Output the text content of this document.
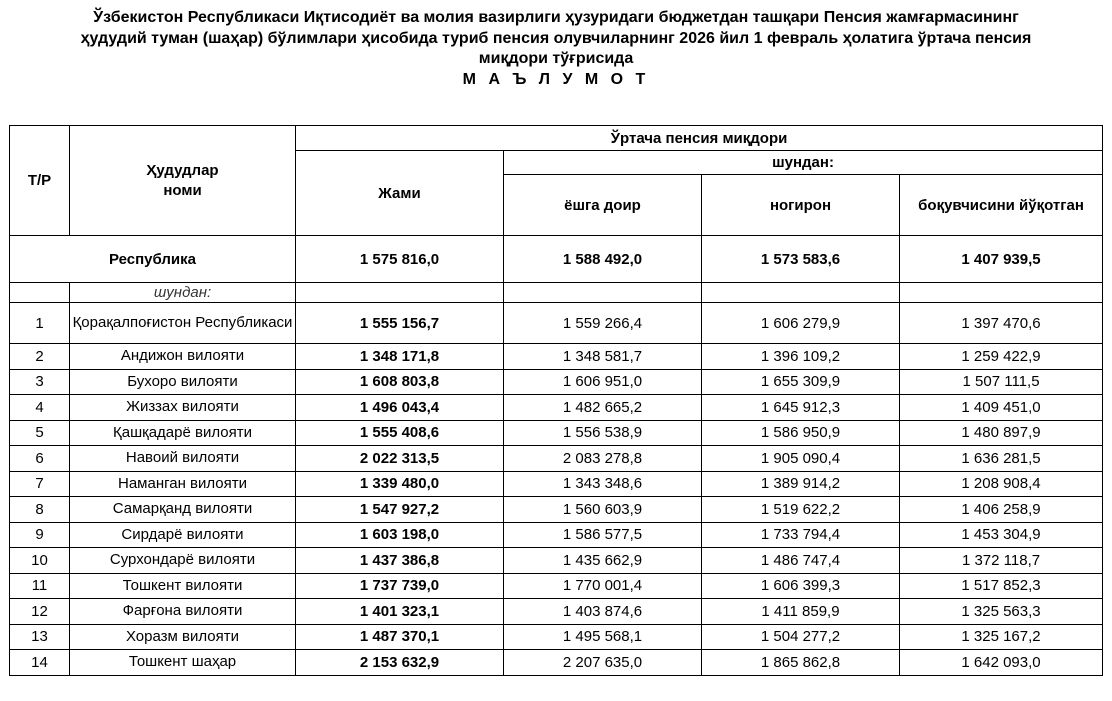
Ўзбекистон Республикаси Иқтисодиёт ва молия вазирлиги ҳузуридаги бюджетдан ташқари Пенсия жамғармасининг
ҳудудий туман (шаҳар) бўлимлари ҳисобида туриб пенсия олувчиларнинг 2026 йил 1 февраль ҳолатига ўртача пенсия
миқдори тўғрисида
М А Ъ Л У М О Т
Т/Р	Ҳудудлар
номи	Ўртача пенсия миқдори			
		Жами	шундан:		
			ёшга доир	ногирон	боқувчисини йўқотган
Республика		1 575 816,0	1 588 492,0	1 573 583,6	1 407 939,5
	шундан:				
1	Қорақалпоғистон Республикаси	1 555 156,7	1 559 266,4	1 606 279,9	1 397 470,6
2	Андижон вилояти	1 348 171,8	1 348 581,7	1 396 109,2	1 259 422,9
3	Бухоро вилояти	1 608 803,8	1 606 951,0	1 655 309,9	1 507 111,5
4	Жиззах вилояти	1 496 043,4	1 482 665,2	1 645 912,3	1 409 451,0
5	Қашқадарё вилояти	1 555 408,6	1 556 538,9	1 586 950,9	1 480 897,9
6	Навоий вилояти	2 022 313,5	2 083 278,8	1 905 090,4	1 636 281,5
7	Наманган вилояти	1 339 480,0	1 343 348,6	1 389 914,2	1 208 908,4
8	Самарқанд вилояти	1 547 927,2	1 560 603,9	1 519 622,2	1 406 258,9
9	Сирдарё вилояти	1 603 198,0	1 586 577,5	1 733 794,4	1 453 304,9
10	Сурхондарё вилояти	1 437 386,8	1 435 662,9	1 486 747,4	1 372 118,7
11	Тошкент вилояти	1 737 739,0	1 770 001,4	1 606 399,3	1 517 852,3
12	Фарғона вилояти	1 401 323,1	1 403 874,6	1 411 859,9	1 325 563,3
13	Хоразм вилояти	1 487 370,1	1 495 568,1	1 504 277,2	1 325 167,2
14	Тошкент шаҳар	2 153 632,9	2 207 635,0	1 865 862,8	1 642 093,0
